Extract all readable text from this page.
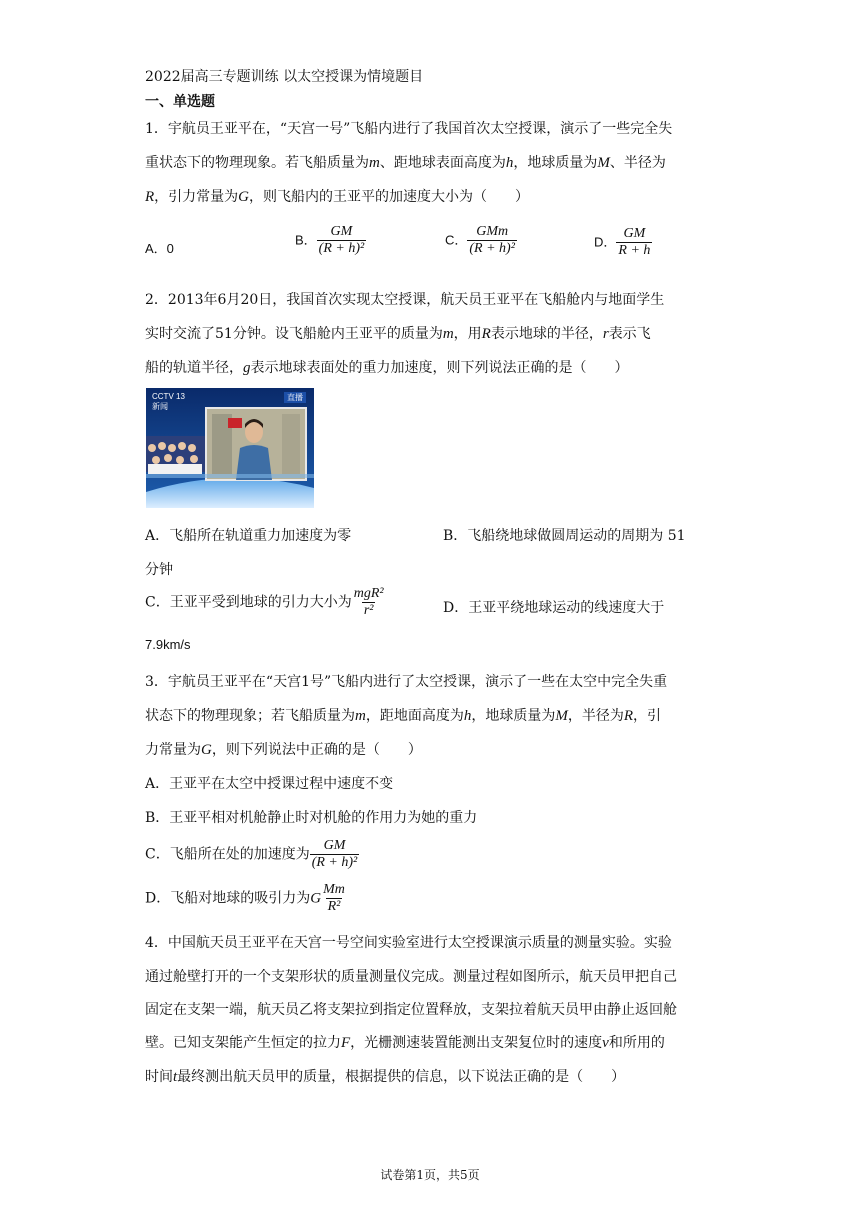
2022届高三专题训练 以太空授课为情境题目
一、单选题
1．宇航员王亚平在，“天宫一号”飞船内进行了我国首次太空授课，演示了一些完全失
重状态下的物理现象。若飞船质量为m、距地球表面高度为h，地球质量为M、半径为
R，引力常量为G，则飞船内的王亚平的加速度大小为（　　）
A．0
B． $\frac{GM}{\text{(R + h)²}}$	C． $\frac{\text{GMm}}{\text{(R + h)²}}$	D． $\frac{GM}{R + h}$
2．2013年6月20日，我国首次实现太空授课，航天员王亚平在飞船舱内与地面学生
实时交流了51分钟。设飞船舱内王亚平的质量为m，用R表示地球的半径，r表示飞
船的轨道半径，g表示地球表面处的重力加速度，则下列说法正确的是（　　）
CCTV 13
新闻
直播
A．飞船所在轨道重力加速度为零	B．飞船绕地球做圆周运动的周期为 51
分钟
C．王亚平受到地球的引力大小为 $\frac{\text{mgR²}}{\text{r²}}$	D．王亚平绕地球运动的线速度大于
7.9km/s
3．宇航员王亚平在“天宫1号”飞船内进行了太空授课，演示了一些在太空中完全失重
状态下的物理现象；若飞船质量为m，距地面高度为h，地球质量为M，半径为R，引
力常量为G，则下列说法中正确的是（　　）
A．王亚平在太空中授课过程中速度不变
B．王亚平相对机舱静止时对机舱的作用力为她的重力
C．飞船所在处的加速度为 $\frac{GM}{\text{(R + h)²}}$
D．飞船对地球的吸引力为G $\frac{Mm}{\text{R²}}$
4．中国航天员王亚平在天宫一号空间实验室进行太空授课演示质量的测量实验。实验
通过舱壁打开的一个支架形状的质量测量仪完成。测量过程如图所示，航天员甲把自己
固定在支架一端，航天员乙将支架拉到指定位置释放，支架拉着航天员甲由静止返回舱
壁。已知支架能产生恒定的拉力F，光栅测速装置能测出支架复位时的速度v和所用的
时间t最终测出航天员甲的质量，根据提供的信息，以下说法正确的是（　　）
试卷第1页，共5页
